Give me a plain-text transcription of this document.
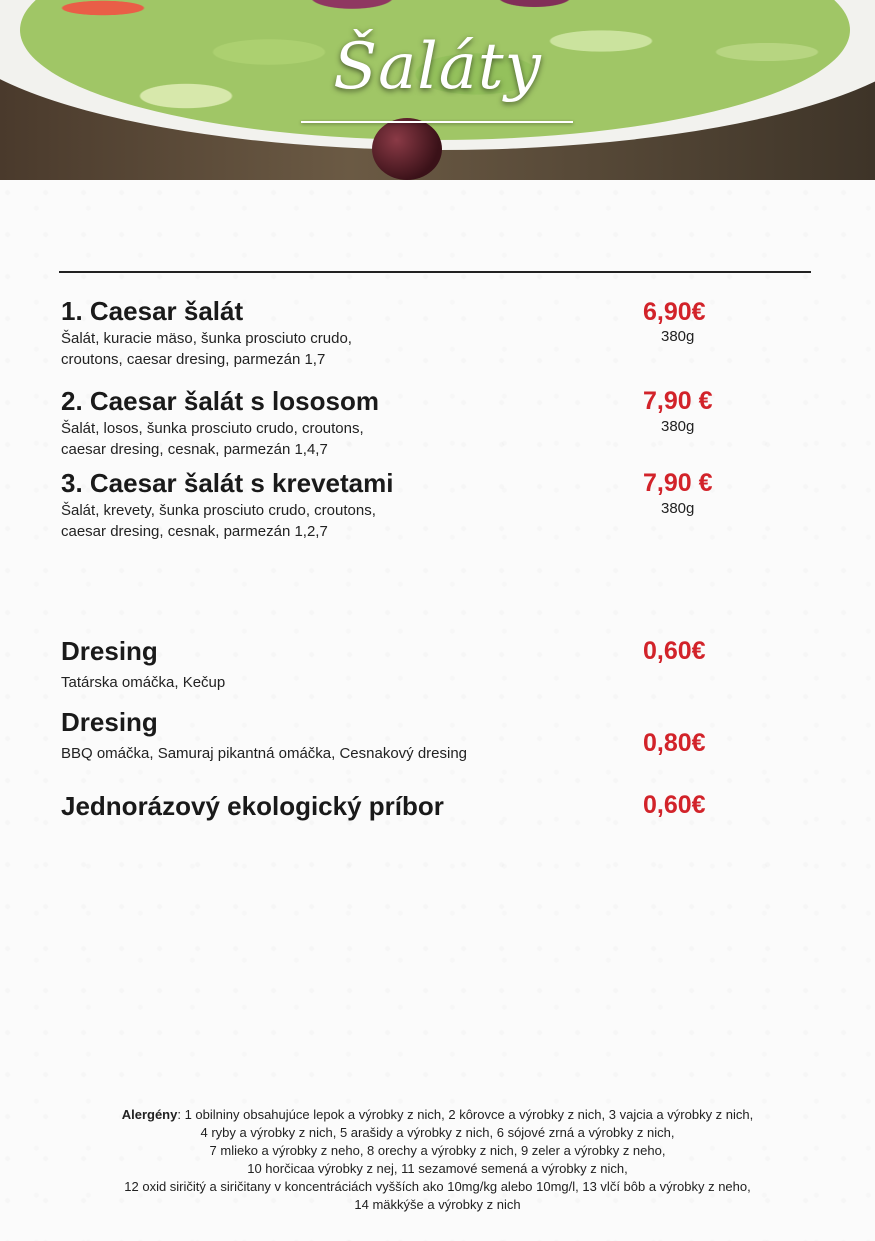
Šaláty
1. Caesar šalát
Šalát, kuracie mäso, šunka prosciuto crudo,
croutons, caesar dresing, parmezán 1,7
6,90€
380g
2. Caesar šalát s lososom
Šalát, losos, šunka prosciuto crudo, croutons,
caesar dresing, cesnak, parmezán 1,4,7
7,90 €
380g
3. Caesar šalát s krevetami
Šalát, krevety, šunka prosciuto crudo, croutons,
caesar dresing, cesnak, parmezán 1,2,7
7,90 €
380g
Dresing
Tatárska omáčka, Kečup
0,60€
Dresing
BBQ omáčka, Samuraj pikantná omáčka, Cesnakový dresing	0,80€
Jednorázový ekologický príbor	0,60€
Alergény: 1 obilniny obsahujúce lepok a výrobky z nich, 2 kôrovce a výrobky z nich, 3 vajcia a výrobky z nich,
4 ryby a výrobky z nich, 5 arašidy a výrobky z nich, 6 sójové zrná a výrobky z nich,
7 mlieko a výrobky z neho, 8 orechy a výrobky z nich, 9 zeler a výrobky z neho,
10 horčicaa výrobky z nej, 11 sezamové semená a výrobky z nich,
12 oxid siričitý a siričitany v koncentráciách vyšších ako 10mg/kg alebo 10mg/l, 13 vlčí bôb a výrobky z neho,
14 mäkkýše a výrobky z nich
